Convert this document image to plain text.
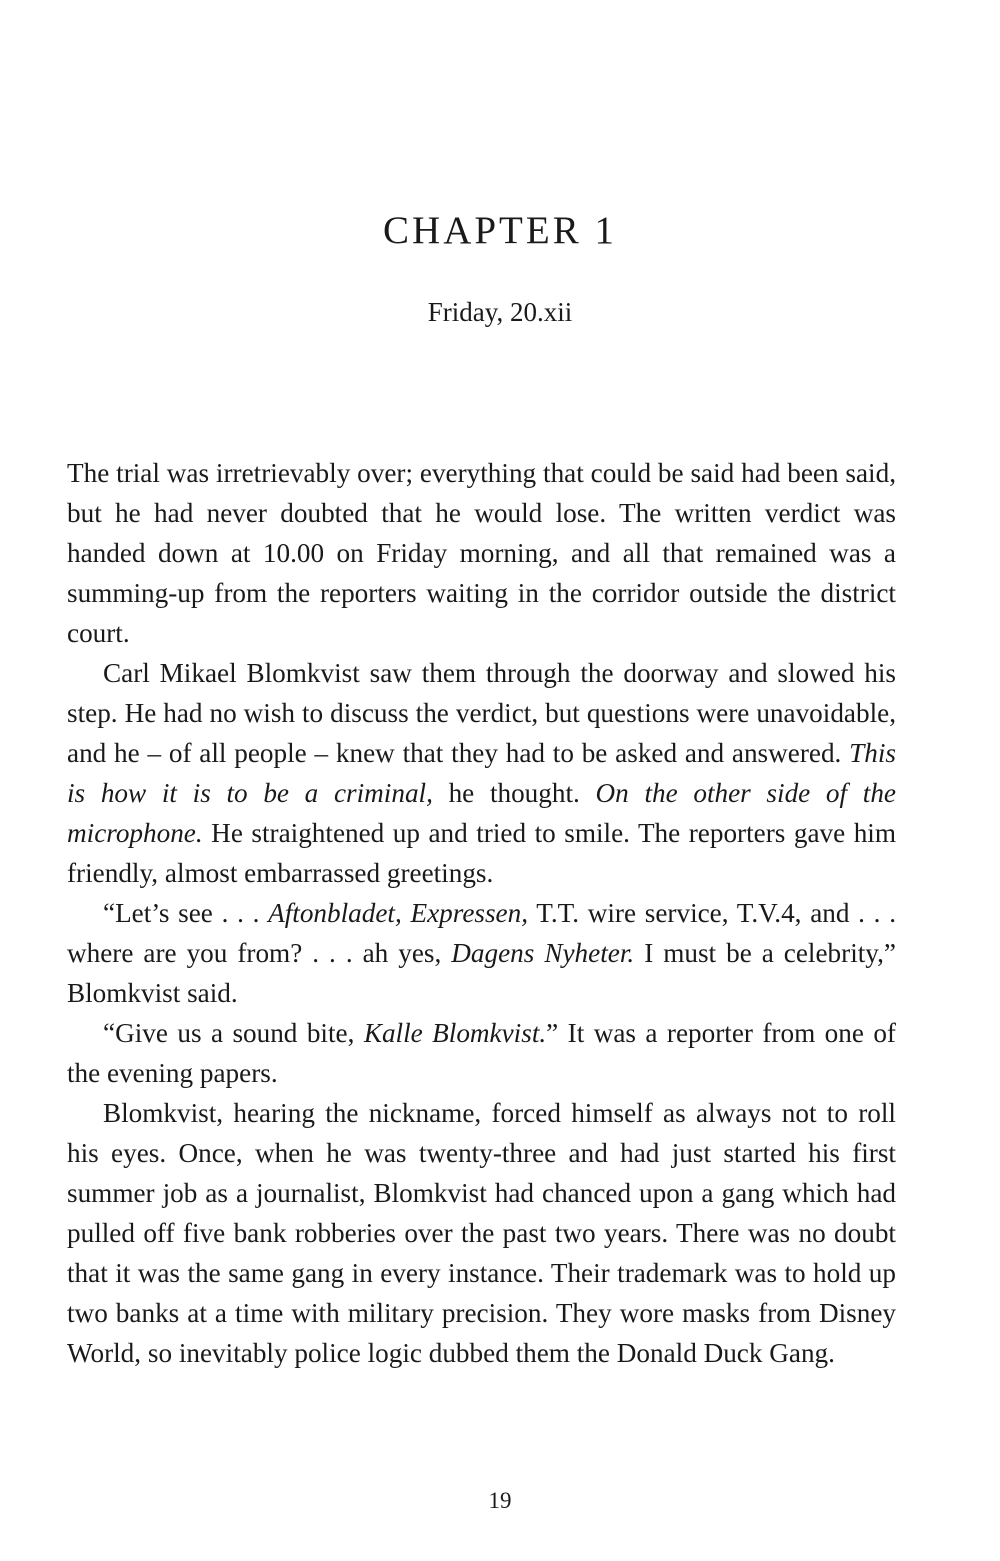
CHAPTER 1
Friday, 20.xii

The trial was irretrievably over; everything that could be said had been said, but he had never doubted that he would lose. The written verdict was handed down at 10.00 on Friday morning, and all that remained was a summing-up from the reporters waiting in the corridor outside the district court.

Carl Mikael Blomkvist saw them through the doorway and slowed his step. He had no wish to discuss the verdict, but questions were unavoidable, and he – of all people – knew that they had to be asked and answered. This is how it is to be a criminal, he thought. On the other side of the microphone. He straightened up and tried to smile. The reporters gave him friendly, almost embarrassed greetings.

“Let’s see . . . Aftonbladet, Expressen, T.T. wire service, T.V.4, and . . . where are you from? . . . ah yes, Dagens Nyheter. I must be a celebrity,” Blomkvist said.

“Give us a sound bite, Kalle Blomkvist.” It was a reporter from one of the evening papers.

Blomkvist, hearing the nickname, forced himself as always not to roll his eyes. Once, when he was twenty-three and had just started his first summer job as a journalist, Blomkvist had chanced upon a gang which had pulled off five bank robberies over the past two years. There was no doubt that it was the same gang in every instance. Their trademark was to hold up two banks at a time with military precision. They wore masks from Disney World, so inevitably police logic dubbed them the Donald Duck Gang.

19
